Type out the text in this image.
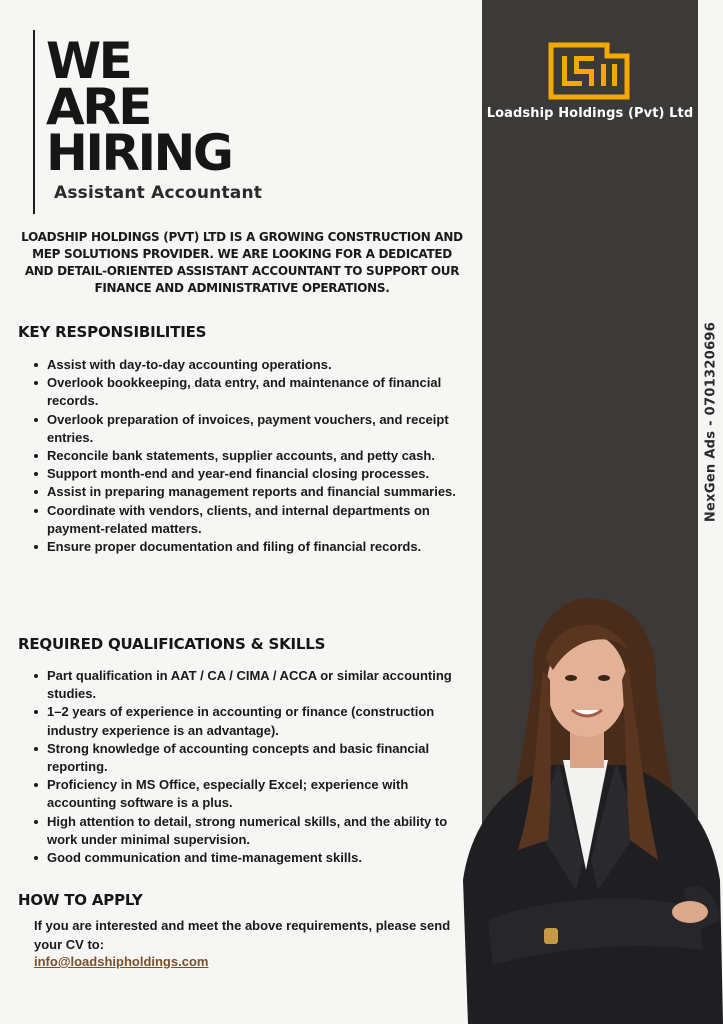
Loadship Holdings (Pvt) Ltd
NexGen Ads - 0701320696
WE
ARE
HIRING
Assistant Accountant
LOADSHIP HOLDINGS (PVT) LTD IS A GROWING CONSTRUCTION AND MEP SOLUTIONS PROVIDER. WE ARE LOOKING FOR A DEDICATED AND DETAIL-ORIENTED ASSISTANT ACCOUNTANT TO SUPPORT OUR FINANCE AND ADMINISTRATIVE OPERATIONS.
KEY RESPONSIBILITIES
Assist with day-to-day accounting operations.
Overlook bookkeeping, data entry, and maintenance of financial records.
Overlook preparation of invoices, payment vouchers, and receipt entries.
Reconcile bank statements, supplier accounts, and petty cash.
Support month-end and year-end financial closing processes.
Assist in preparing management reports and financial summaries.
Coordinate with vendors, clients, and internal departments on payment-related matters.
Ensure proper documentation and filing of financial records.
REQUIRED QUALIFICATIONS & SKILLS
Part qualification in AAT / CA / CIMA / ACCA or similar accounting studies.
1–2 years of experience in accounting or finance (construction industry experience is an advantage).
Strong knowledge of accounting concepts and basic financial reporting.
Proficiency in MS Office, especially Excel; experience with accounting software is a plus.
High attention to detail, strong numerical skills, and the ability to work under minimal supervision.
Good communication and time-management skills.
HOW TO APPLY
If you are interested and meet the above requirements, please send your CV to:
info@loadshipholdings.com
